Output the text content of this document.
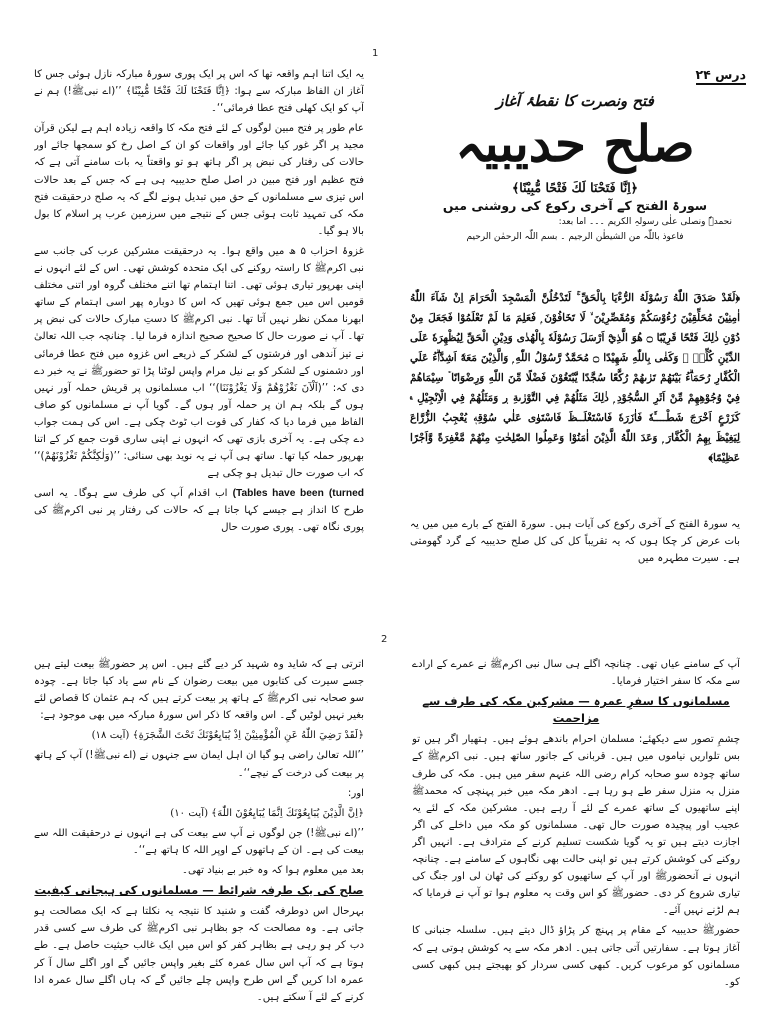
1
درس ۲۴
فتح ونصرت کا نقطۂ آغاز
صلح حدیبیہ
﴿اِنَّا فَتَحْنَا لَكَ فَتْحًا مُّبِيْنًا﴾
سورۃ الفتح کے آخری رکوع کی روشنی میں
نحمدہٗ ونصلی علٰی رسولہِ الکریم ۔۔۔ اما بعد:
فاعوذ باللّٰہ من الشیطٰن الرجیم ۔ بسم اللّٰہ الرحمٰن الرحیم
﴿لَقَدْ صَدَقَ اللّٰهُ رَسُوْلَهُ الرُّءْيَا بِالْحَقِّ ۚ لَتَدْخُلُنَّ الْمَسْجِدَ الْحَرَامَ اِنْ شَآءَ اللّٰهُ اٰمِنِيْنَ مُحَلِّقِيْنَ رُءُوْسَكُمْ وَمُقَصِّرِيْنَ ۙ لَا تَخَافُوْنَ ۭ فَعَلِمَ مَا لَمْ تَعْلَمُوْا فَجَعَلَ مِنْ دُوْنِ ذٰلِكَ فَتْحًا قَرِيْبًا ۝ هُوَ الَّذِيْٓ اَرْسَلَ رَسُوْلَهٗ بِالْهُدٰى وَدِيْنِ الْحَقِّ لِيُظْهِرَهٗ عَلَى الدِّيْنِ كُلِّهٖ ۭ وَكَفٰى بِاللّٰهِ شَهِيْدًا ۝ مُحَمَّدٌ رَّسُوْلُ اللّٰهِ ۭ وَالَّذِيْنَ مَعَهٗٓ اَشِدَّاۗءُ عَلَي الْكُفَّارِ رُحَمَاۗءُ بَيْنَهُمْ تَرٰىهُمْ رُكَّعًا سُجَّدًا يَّبْتَغُوْنَ فَضْلًا مِّنَ اللّٰهِ وَرِضْوَانًا ۡ سِيْمَاهُمْ فِيْ وُجُوْهِهِمْ مِّنْ اَثَرِ السُّجُوْدِ ۭ ذٰلِكَ مَثَلُهُمْ فِي التَّوْرٰىةِ ڔ وَمَثَلُهُمْ فِي الْاِنْجِيْلِ ۾ كَزَرْعٍ اَخْرَجَ شَطْــــَٔهٗ فَاٰزَرَهٗ فَاسْتَغْلَــظَ فَاسْتَوٰى عَلٰي سُوْقِهٖ يُعْجِبُ الزُّرَّاعَ لِيَغِيْظَ بِهِمُ الْكُفَّارَ ۭ وَعَدَ اللّٰهُ الَّذِيْنَ اٰمَنُوْا وَعَمِلُوا الصّٰلِحٰتِ مِنْهُمْ مَّغْفِرَةً وَّاَجْرًا عَظِيْمًا﴾
یہ سورۃ الفتح کے آخری رکوع کی آیات ہیں۔ سورۃ الفتح کے بارے میں میں یہ بات عرض کر چکا ہوں کہ یہ تقریباً کل کی کل صلح حدیبیہ کے گرد گھومتی ہے۔ سیرت مطہرہ میں

یہ ایک اتنا اہم واقعہ تھا کہ اس پر ایک پوری سورۂ مبارکہ نازل ہوئی جس کا آغاز ان الفاظ مبارکہ سے ہوا: ﴿اِنَّا فَتَحْنَا لَكَ فَتْحًا مُّبِيْنًا﴾ ’’(اے نبیﷺ!) ہم نے آپ کو ایک کھلی فتح عطا فرمائی‘‘۔

عام طور پر فتح مبین لوگوں کے لئے فتح مکہ کا واقعہ زیادہ اہم ہے لیکن قرآن مجید پر اگر غور کیا جائے اور واقعات کو ان کے اصل رخ کو سمجھا جائے اور حالات کی رفتار کی نبض پر اگر ہاتھ ہو تو واقعتاً یہ بات سامنے آتی ہے کہ فتح عظیم اور فتح مبین در اصل صلح حدیبیہ ہی ہے کہ جس کے بعد حالات اس تیزی سے مسلمانوں کے حق میں تبدیل ہونے لگے کہ یہ صلح درحقیقت فتح مکہ کی تمہید ثابت ہوئی جس کے نتیجے میں سرزمین عرب پر اسلام کا بول بالا ہو گیا۔

غزوۂ احزاب ۵ ھ میں واقع ہوا۔ یہ درحقیقت مشرکین عرب کی جانب سے نبی اکرمﷺ کا راستہ روکنے کی ایک متحدہ کوشش تھی۔ اس کے لئے انہوں نے اپنی بھرپور تیاری ہوئی تھی۔ اتنا اہتمام تھا اتنے مختلف گروہ اور اتنی مختلف قومیں اس میں جمع ہوئی تھیں کہ اس کا دوبارہ پھر اسی اہتمام کے ساتھ ابھرنا ممکن نظر نہیں آتا تھا۔ نبی اکرمﷺ کا دستِ مبارک حالات کی نبض پر تھا۔ آپ نے صورت حال کا صحیح صحیح اندازہ فرما لیا۔ چنانچہ جب اللہ تعالیٰ نے تیز آندھی اور فرشتوں کے لشکر کے ذریعے اس غزوہ میں فتح عطا فرمائی اور دشمنوں کے لشکر کو بے نیل مرام واپس لوٹنا پڑا تو حضورﷺ نے یہ خبر دے دی کہ: ’’(اَلْآنَ نَغْزُوْهُمْ وَلَا يَغْزُوْنَنَا)‘‘ اب مسلمانوں پر قریش حملہ آور نہیں ہوں گے بلکہ ہم ان پر حملہ آور ہوں گے۔ گویا آپ نے مسلمانوں کو صاف الفاظ میں فرما دیا کہ کفار کی قوت اب ٹوٹ چکی ہے۔ اس کی ہمت جواب دے چکی ہے۔ یہ آخری بازی تھی کہ انہوں نے اپنی ساری قوت جمع کر کے اتنا بھرپور حملہ کیا تھا۔ ساتھ ہی آپ نے یہ نوید بھی سنائی: ’’(وَلٰكِنَّكُمْ تَغْزُوْنَهُمْ)‘‘ کہ اب صورت حال تبدیل ہو چکی ہے

(Tables have been (turned اب اقدام آپ کی طرف سے ہوگا۔ یہ اسی طرح کا انداز ہے جیسے کہا جاتا ہے کہ حالات کی رفتار پر نبی اکرمﷺ کی پوری نگاہ تھی۔ پوری صورت حال

2

آپ کے سامنے عیاں تھی۔ چنانچہ اگلے ہی سال نبی اکرمﷺ نے عمرے کے ارادے سے مکہ کا سفر اختیار فرمایا۔

مسلمانوں کا سفرِ عمرہ — مشرکین مکہ کی طرف سے مزاحمت

چشمِ تصور سے دیکھئے: مسلمان احرام باندھے ہوئے ہیں۔ ہتھیار اگر ہیں تو بس تلواریں نیاموں میں ہیں۔ قربانی کے جانور ساتھ ہیں۔ نبی اکرمﷺ کے ساتھ چودہ سو صحابہ کرام رضی اللہ عنہم سفر میں ہیں۔ مکہ کی طرف منزل بہ منزل سفر طے ہو رہا ہے۔ ادھر مکہ میں خبر پہنچی کہ محمدﷺ اپنے ساتھیوں کے ساتھ عمرے کے لئے آ رہے ہیں۔ مشرکین مکہ کے لئے یہ عجیب اور پیچیدہ صورت حال تھی۔ مسلمانوں کو مکہ میں داخلے کی اگر اجازت دیتے ہیں تو یہ گویا شکست تسلیم کرنے کے مترادف ہے۔ انہیں اگر روکنے کی کوشش کرتے ہیں تو اپنی حالت بھی نگاہوں کے سامنے ہے۔ چنانچہ انہوں نے آنحضورﷺ اور آپ کے ساتھیوں کو روکنے کی ٹھان لی اور جنگ کی تیاری شروع کر دی۔ حضورﷺ کو اس وقت یہ معلوم ہوا تو آپ نے فرمایا کہ ہم لڑنے نہیں آئے۔

حضورﷺ حدیبیہ کے مقام پر پہنچ کر پڑاؤ ڈال دیتے ہیں۔ سلسلہ جنبانی کا آغاز ہوتا ہے۔ سفارتیں آتی جاتی ہیں۔ ادھر مکہ سے یہ کوشش ہوتی ہے کہ مسلمانوں کو مرعوب کریں۔ کبھی کسی سردار کو بھیجتے ہیں کبھی کسی کو۔

اترتی ہے کہ شاید وہ شہید کر دیے گئے ہیں۔ اس پر حضورﷺ بیعت لیتے ہیں جسے سیرت کی کتابوں میں بیعت رضوان کے نام سے یاد کیا جاتا ہے۔ چودہ سو صحابہ نبی اکرمﷺ کے ہاتھ پر بیعت کرتے ہیں کہ ہم عثمان کا قصاص لئے بغیر نہیں لوٹیں گے۔ اس واقعہ کا ذکر اس سورۂ مبارکہ میں بھی موجود ہے:

﴿لَقَدْ رَضِيَ اللّٰهُ عَنِ الْمُؤْمِنِيْنَ اِذْ يُبَايِعُوْنَكَ تَحْتَ الشَّجَرَةِ﴾ (آیت ۱۸)

’’اللہ تعالیٰ راضی ہو گیا ان اہل ایمان سے جنہوں نے (اے نبیﷺ!) آپ کے ہاتھ پر بیعت کی درخت کے نیچے‘‘۔

اور:

﴿اِنَّ الَّذِيْنَ يُبَايِعُوْنَكَ اِنَّمَا يُبَايِعُوْنَ اللّٰهَ﴾ (آیت ۱۰)

’’(اے نبیﷺ!) جن لوگوں نے آپ سے بیعت کی ہے انہوں نے درحقیقت اللہ سے بیعت کی ہے۔ ان کے ہاتھوں کے اوپر اللہ کا ہاتھ ہے‘‘۔

بعد میں معلوم ہوا کہ وہ خبر بے بنیاد تھی۔

صلح کی یک طرفہ شرائط — مسلمانوں کی ہیجانی کیفیت

بہرحال اس دوطرفہ گفت و شنید کا نتیجہ یہ نکلتا ہے کہ ایک مصالحت ہو جاتی ہے۔ وہ مصالحت کہ جو بظاہر نبی اکرمﷺ کی طرف سے کسی قدر دب کر ہو رہی ہے بظاہر کفر کو اس میں ایک غالب حیثیت حاصل ہے۔ طے ہوتا ہے کہ آپ اس سال عمرہ کئے بغیر واپس جائیں گے اور اگلے سال آ کر عمرہ ادا کریں گے اس طرح واپس چلے جائیں گے کہ ہاں اگلے سال عمرہ ادا کرنے کے لئے آ سکتے ہیں۔
